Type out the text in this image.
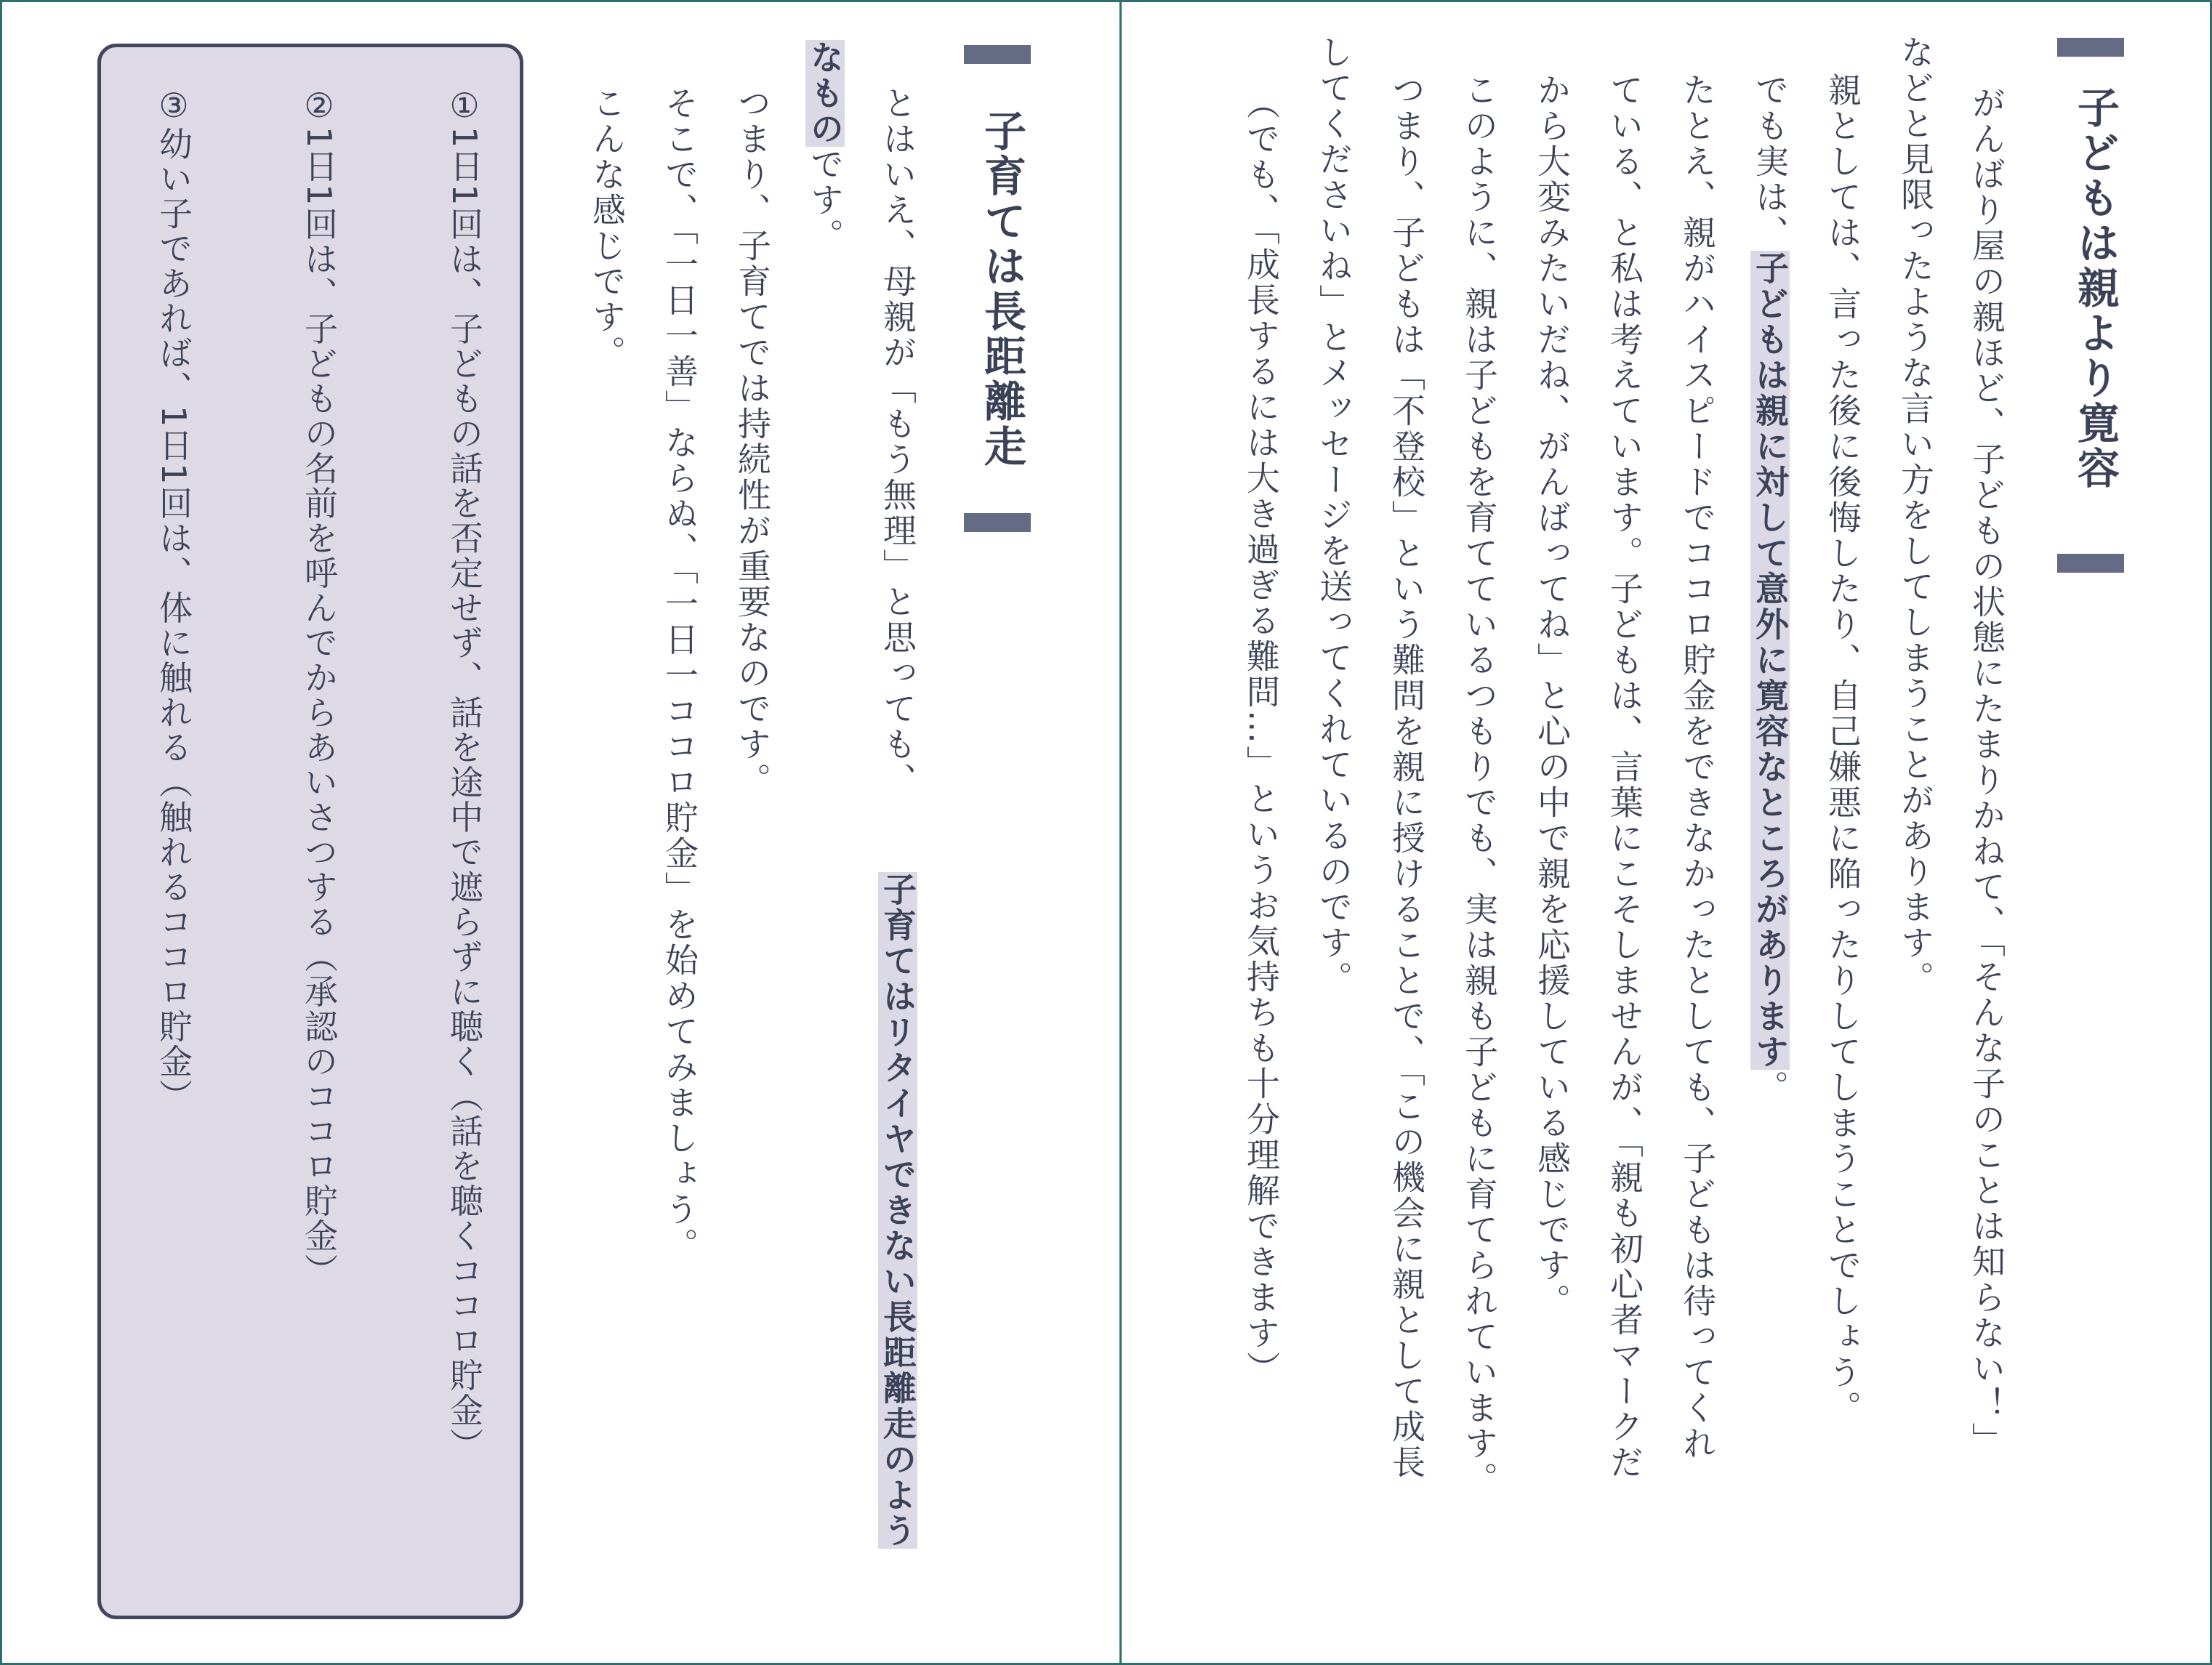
子どもは親より寛容
がんばり屋の親ほど、子どもの状態にたまりかねて、「そんな子のことは知らない！」
などと見限ったような言い方をしてしまうことがあります。
親としては、言った後に後悔したり、自己嫌悪に陥ったりしてしまうことでしょう。
でも実は、子どもは親に対して意外に寛容なところがあります。
たとえ、親がハイスピードでココロ貯金をできなかったとしても、子どもは待ってくれ
ている、と私は考えています。子どもは、言葉にこそしませんが、「親も初心者マークだ
から大変みたいだね、がんばってね」と心の中で親を応援している感じです。
このように、親は子どもを育てているつもりでも、実は親も子どもに育てられています。
つまり、子どもは「不登校」という難問を親に授けることで、「この機会に親として成長
してくださいね」とメッセージを送ってくれているのです。
（でも、「成長するには大き過ぎる難問…」というお気持ちも十分理解できます）
子育ては長距離走
とはいえ、母親が「もう無理」と思っても、
子育てはリタイヤできない長距離走のよう
なものです。
つまり、子育てでは持続性が重要なのです。
そこで、「一日一善」ならぬ、「一日一ココロ貯金」を始めてみましょう。
こんな感じです。
①1日1回は、子どもの話を否定せず、話を途中で遮らずに聴く（話を聴くココロ貯金）
②1日1回は、子どもの名前を呼んでからあいさつする（承認のココロ貯金）
③幼い子であれば、1日1回は、体に触れる（触れるココロ貯金）
